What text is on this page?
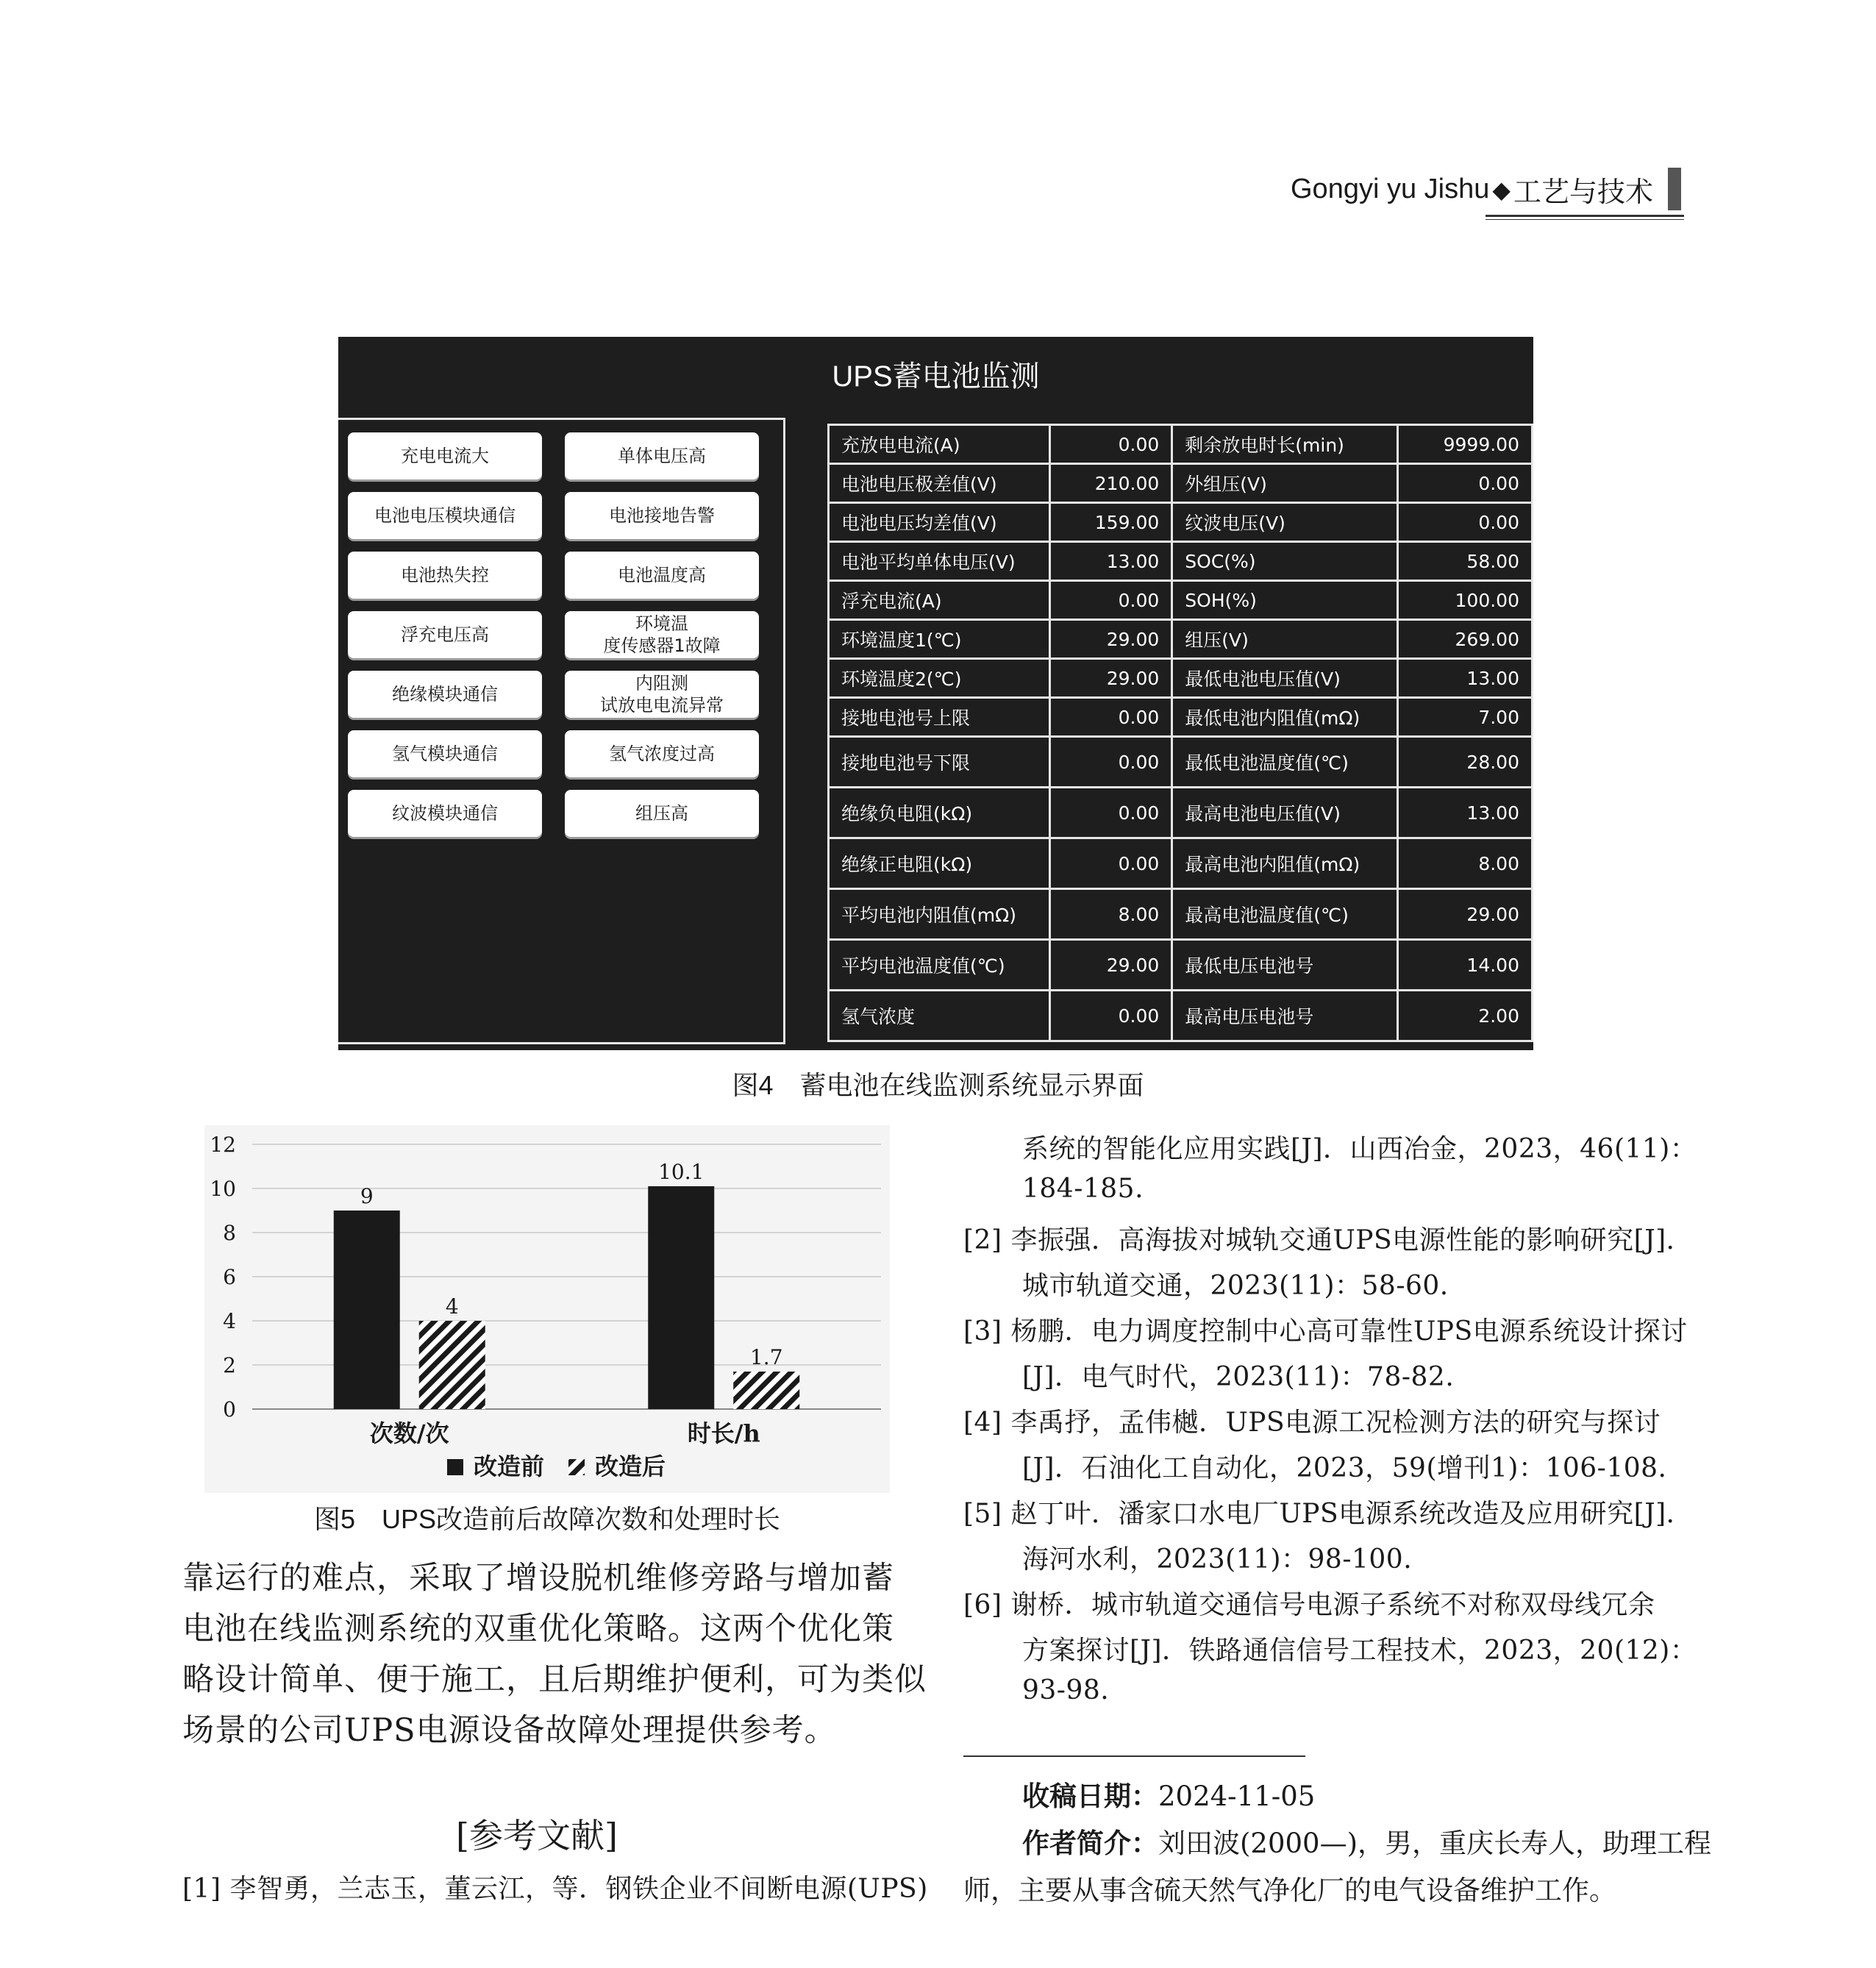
Gongyi yu Jishu ◆ 工艺与技术
UPS蓄电池监测
充电电流大	单体电压高
电池电压模块通信	电池接地告警
电池热失控	电池温度高
浮充电压高
环境温
度传感器1故障
绝缘模块通信
内阻测
试放电电流异常
氢气模块通信	氢气浓度过高
纹波模块通信	组压高
充放电电流(A)	0.00	剩余放电时长(min)	9999.00
电池电压极差值(V)	210.00	外组压(V)	0.00
电池电压均差值(V)	159.00	纹波电压(V)	0.00
电池平均单体电压(V)	13.00	SOC(%)	58.00
浮充电流(A)	0.00	SOH(%)	100.00
环境温度1(℃)	29.00	组压(V)	269.00
环境温度2(℃)	29.00	最低电池电压值(V)	13.00
接地电池号上限	0.00	最低电池内阻值(mΩ)	7.00
接地电池号下限	0.00	最低电池温度值(℃)	28.00
绝缘负电阻(kΩ)	0.00	最高电池电压值(V)	13.00
绝缘正电阻(kΩ)	0.00	最高电池内阻值(mΩ)	8.00
平均电池内阻值(mΩ)	8.00	最高电池温度值(℃)	29.00
平均电池温度值(℃)	29.00	最低电压电池号	14.00
氢气浓度	0.00	最高电压电池号	2.00
图4　蓄电池在线监测系统显示界面
0
2
4
6
8
10
12
9
4
次数/次
10.1
1.7
时长/h
改造前 改造后
图5　UPS改造前后故障次数和处理时长
靠运行的难点，采取了增设脱机维修旁路与增加蓄
电池在线监测系统的双重优化策略。这两个优化策
略设计简单、便于施工，且后期维护便利，可为类似
场景的公司UPS电源设备故障处理提供参考。
[参考文献]
[1] 李智勇，兰志玉，董云江，等．钢铁企业不间断电源(UPS)
系统的智能化应用实践[J]．山西冶金，2023，46(11)：
184-185.
[2] 李振强．高海拔对城轨交通UPS电源性能的影响研究[J]．
城市轨道交通，2023(11)：58-60.
[3] 杨鹏．电力调度控制中心高可靠性UPS电源系统设计探讨
[J]．电气时代，2023(11)：78-82.
[4] 李禹抒，孟伟樾．UPS电源工况检测方法的研究与探讨
[J]．石油化工自动化，2023，59(增刊1)：106-108.
[5] 赵丁叶．潘家口水电厂UPS电源系统改造及应用研究[J]．
海河水利，2023(11)：98-100.
[6] 谢桥．城市轨道交通信号电源子系统不对称双母线冗余
方案探讨[J]．铁路通信信号工程技术，2023，20(12)：
93-98.
收稿日期：2024-11-05
作者简介：刘田波(2000—)，男，重庆长寿人，助理工程
师，主要从事含硫天然气净化厂的电气设备维护工作。
